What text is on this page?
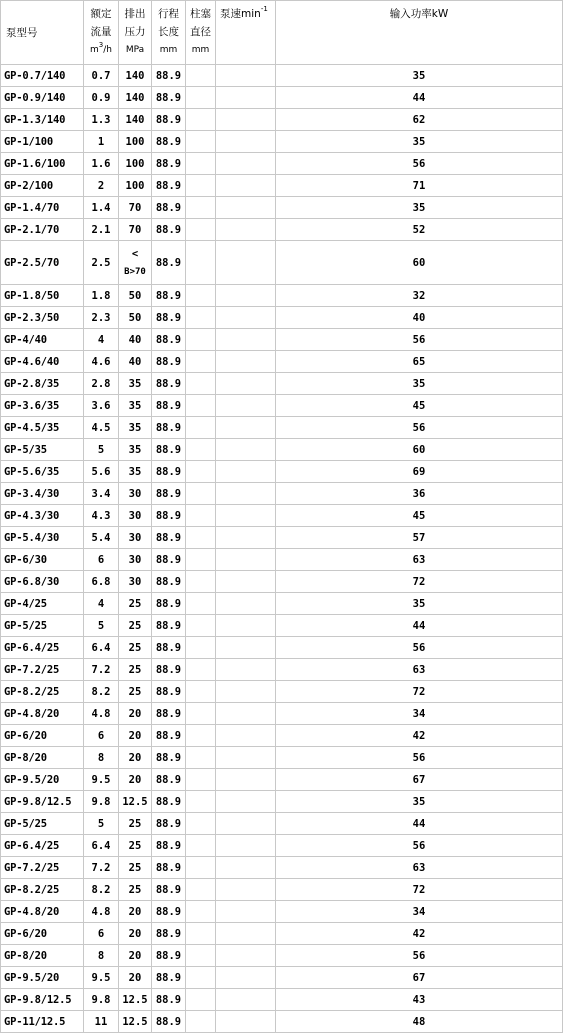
泵型号	额定
流量
$m^3/h$	排出
压力
MPa	行程
长度
mm	柱塞
直径
mm	泵速$\min^{-1}$	输入功率kW
GP-0.7/140	0.7	140	88.9			35
GP-0.9/140	0.9	140	88.9			44
GP-1.3/140	1.3	140	88.9			62
GP-1/100	1	100	88.9			35
GP-1.6/100	1.6	100	88.9			56
GP-2/100	2	100	88.9			71
GP-1.4/70	1.4	70	88.9			35
GP-2.1/70	2.1	70	88.9			52
GP-2.5/70	2.5	<
B>70	88.9			60
GP-1.8/50	1.8	50	88.9			32
GP-2.3/50	2.3	50	88.9			40
GP-4/40	4	40	88.9			56
GP-4.6/40	4.6	40	88.9			65
GP-2.8/35	2.8	35	88.9			35
GP-3.6/35	3.6	35	88.9			45
GP-4.5/35	4.5	35	88.9			56
GP-5/35	5	35	88.9			60
GP-5.6/35	5.6	35	88.9			69
GP-3.4/30	3.4	30	88.9			36
GP-4.3/30	4.3	30	88.9			45
GP-5.4/30	5.4	30	88.9			57
GP-6/30	6	30	88.9			63
GP-6.8/30	6.8	30	88.9			72
GP-4/25	4	25	88.9			35
GP-5/25	5	25	88.9			44
GP-6.4/25	6.4	25	88.9			56
GP-7.2/25	7.2	25	88.9			63
GP-8.2/25	8.2	25	88.9			72
GP-4.8/20	4.8	20	88.9			34
GP-6/20	6	20	88.9			42
GP-8/20	8	20	88.9			56
GP-9.5/20	9.5	20	88.9			67
GP-9.8/12.5	9.8	12.5	88.9			35
GP-5/25	5	25	88.9			44
GP-6.4/25	6.4	25	88.9			56
GP-7.2/25	7.2	25	88.9			63
GP-8.2/25	8.2	25	88.9			72
GP-4.8/20	4.8	20	88.9			34
GP-6/20	6	20	88.9			42
GP-8/20	8	20	88.9			56
GP-9.5/20	9.5	20	88.9			67
GP-9.8/12.5	9.8	12.5	88.9			43
GP-11/12.5	11	12.5	88.9			48
